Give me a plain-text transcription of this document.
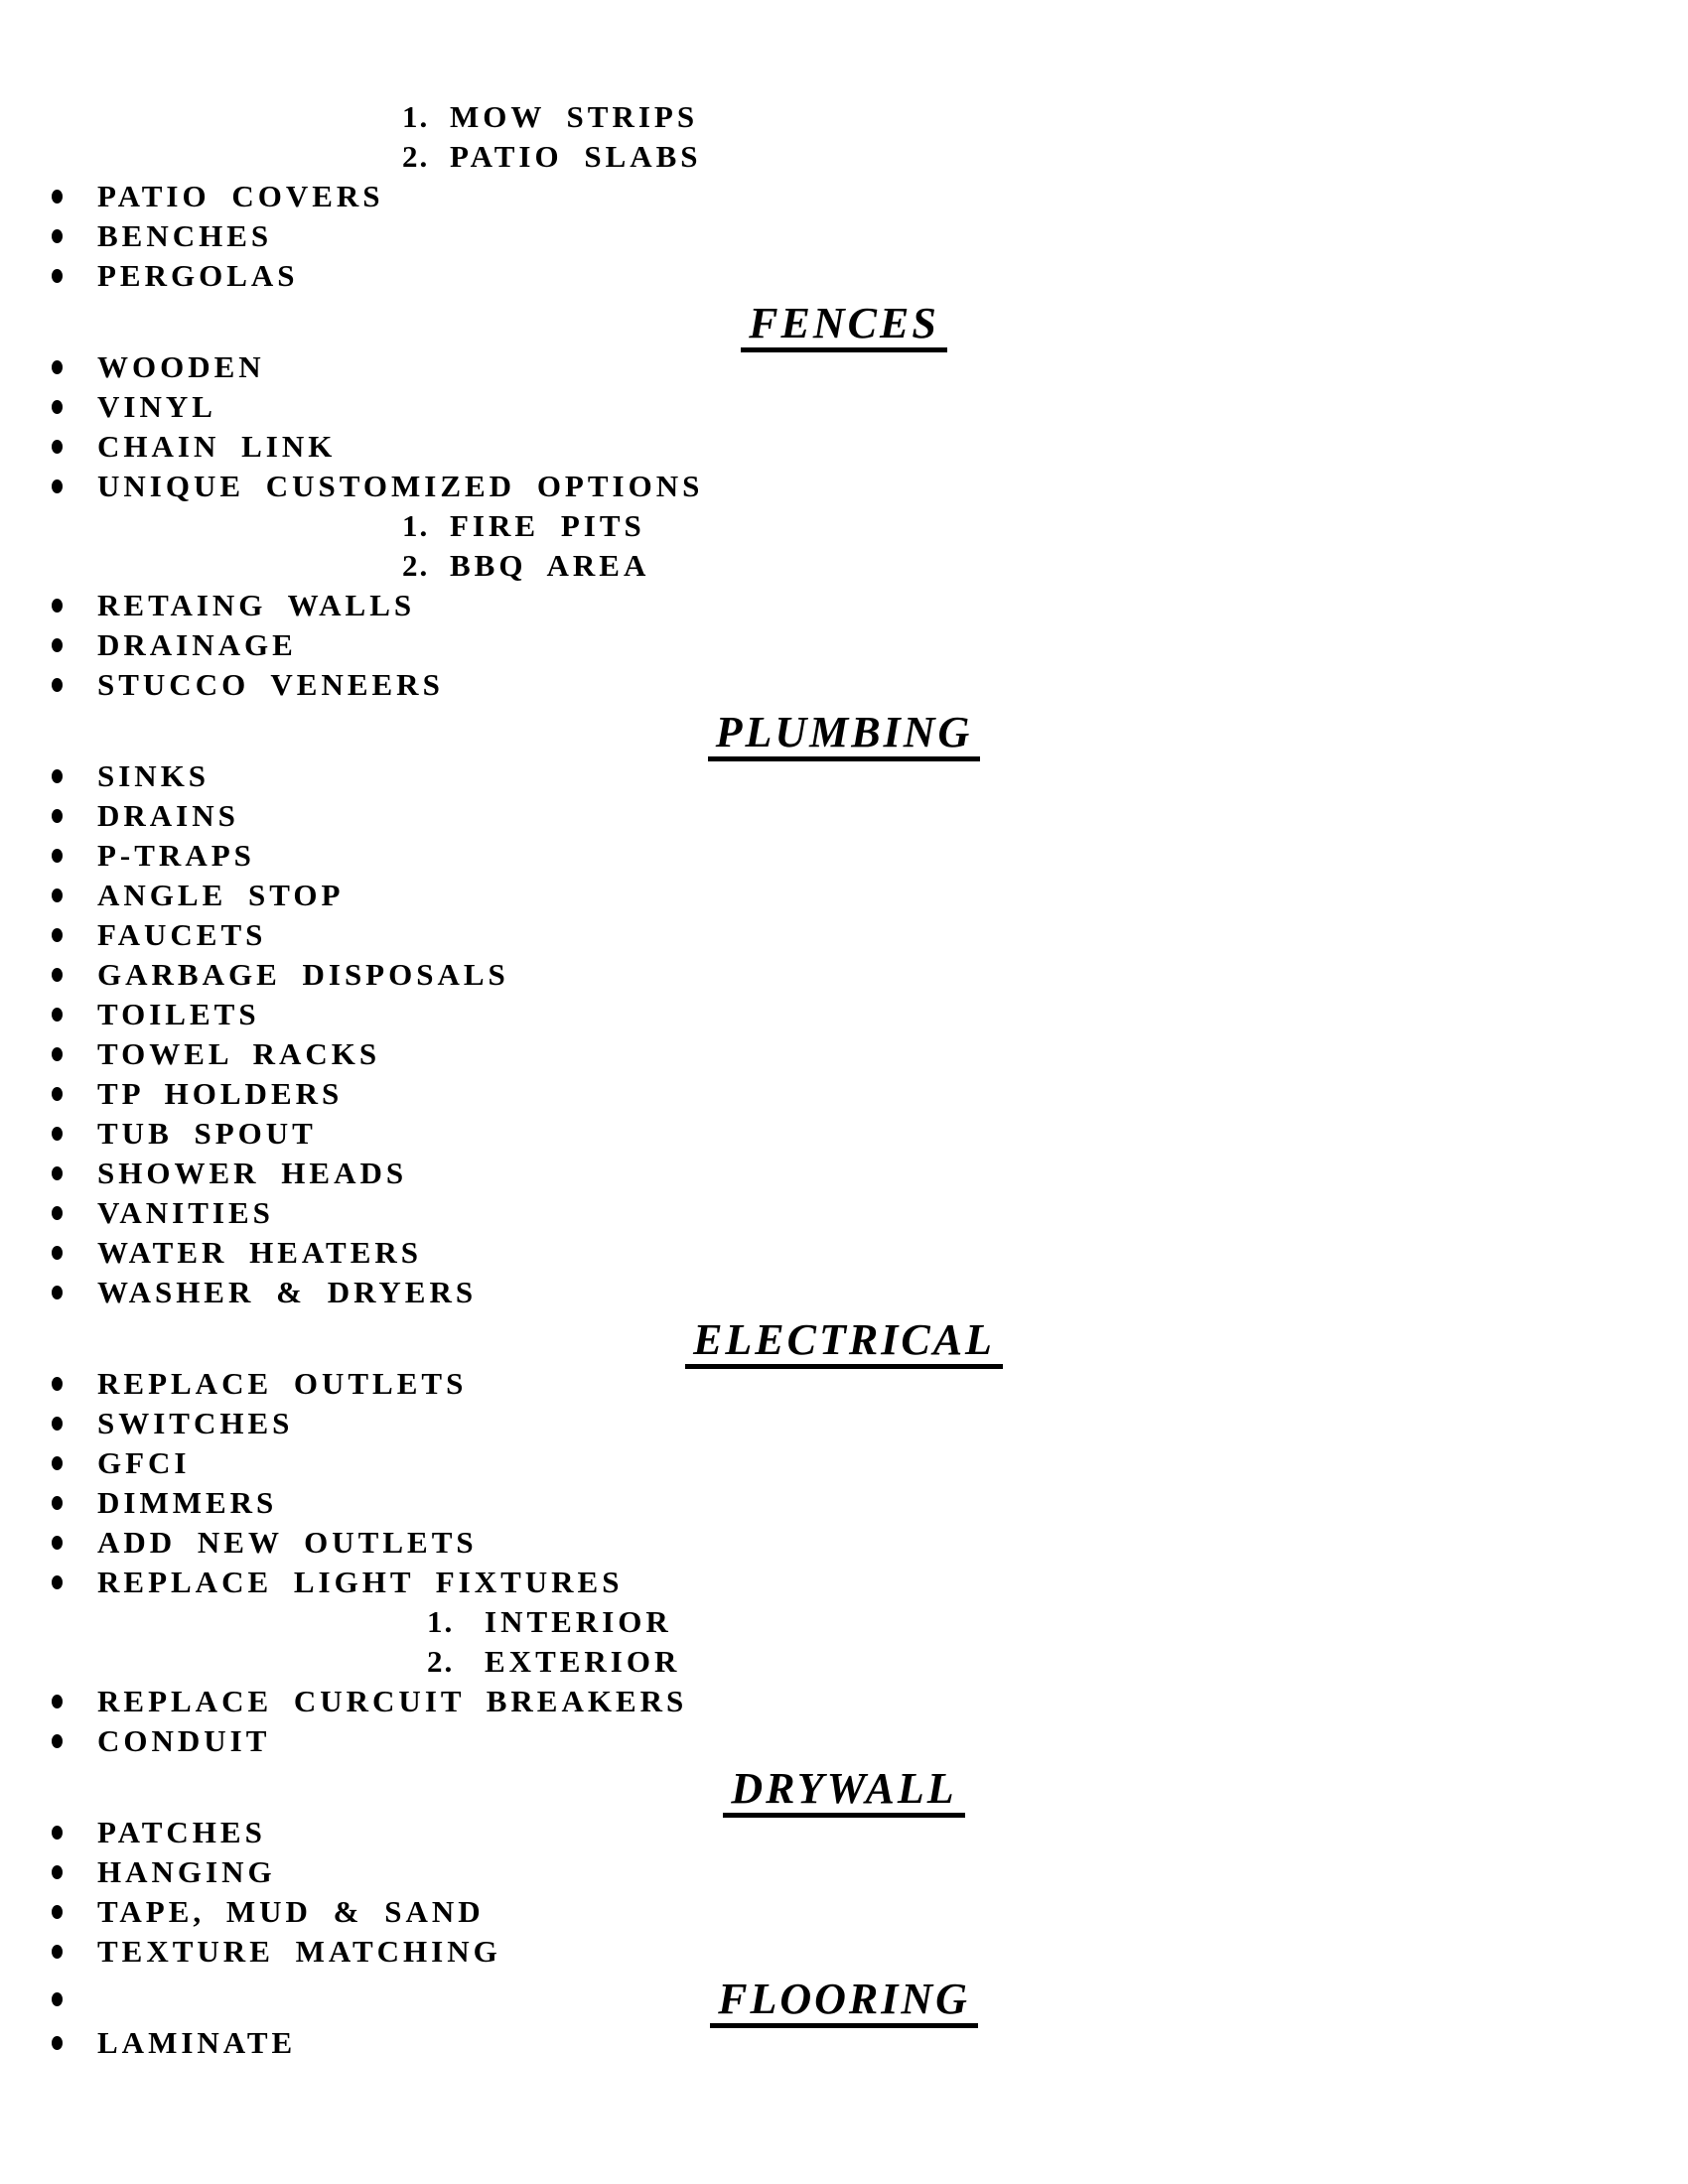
1. MOW STRIPS
2. PATIO SLABS
PATIO COVERS
BENCHES
PERGOLAS
FENCES
WOODEN
VINYL
CHAIN LINK
UNIQUE CUSTOMIZED OPTIONS
1. FIRE PITS
2. BBQ AREA
RETAING WALLS
DRAINAGE
STUCCO VENEERS
PLUMBING
SINKS
DRAINS
P-TRAPS
ANGLE STOP
FAUCETS
GARBAGE DISPOSALS
TOILETS
TOWEL RACKS
TP HOLDERS
TUB SPOUT
SHOWER HEADS
VANITIES
WATER HEATERS
WASHER & DRYERS
ELECTRICAL
REPLACE OUTLETS
SWITCHES
GFCI
DIMMERS
ADD NEW OUTLETS
REPLACE LIGHT FIXTURES
1. INTERIOR
2. EXTERIOR
REPLACE CURCUIT BREAKERS
CONDUIT
DRYWALL
PATCHES
HANGING
TAPE, MUD & SAND
TEXTURE MATCHING
FLOORING
LAMINATE
